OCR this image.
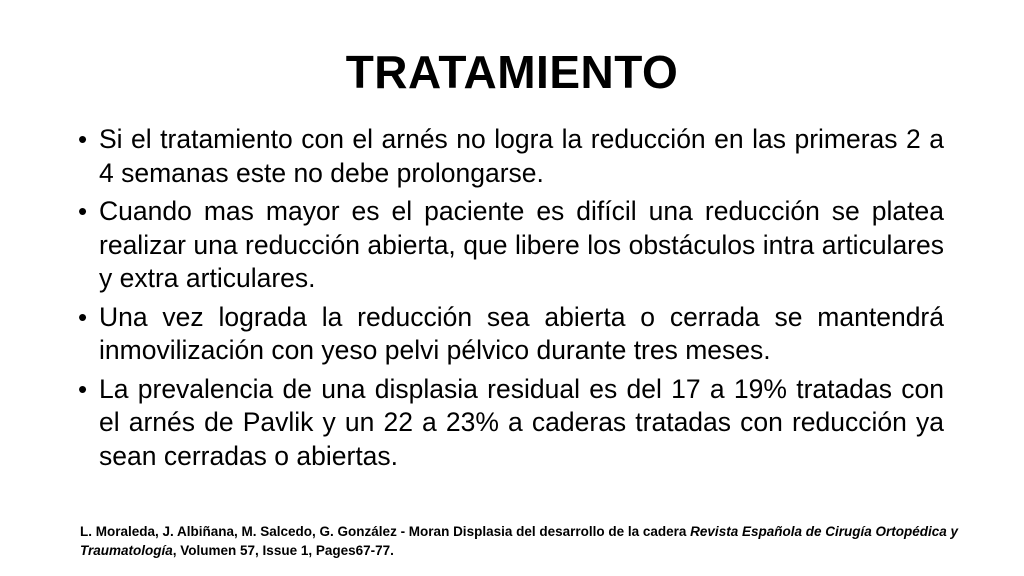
TRATAMIENTO
• Si el tratamiento con el arnés no logra la reducción en las primeras 2 a 4 semanas este no debe prolongarse.
• Cuando mas mayor es el paciente es difícil una reducción se platea realizar una reducción abierta, que libere los obstáculos intra articulares y extra articulares.
• Una vez lograda la reducción sea abierta o cerrada se mantendrá inmovilización con yeso pelvi pélvico durante tres meses.
• La prevalencia de una displasia residual es del 17 a 19% tratadas con el arnés de Pavlik y un 22 a 23% a caderas tratadas con reducción ya sean cerradas o abiertas.
L. Moraleda, J. Albiñana, M. Salcedo, G. González - Moran Displasia del desarrollo de la cadera Revista Española de Cirugía Ortopédica y Traumatología, Volumen 57, Issue 1, Pages67-77.
